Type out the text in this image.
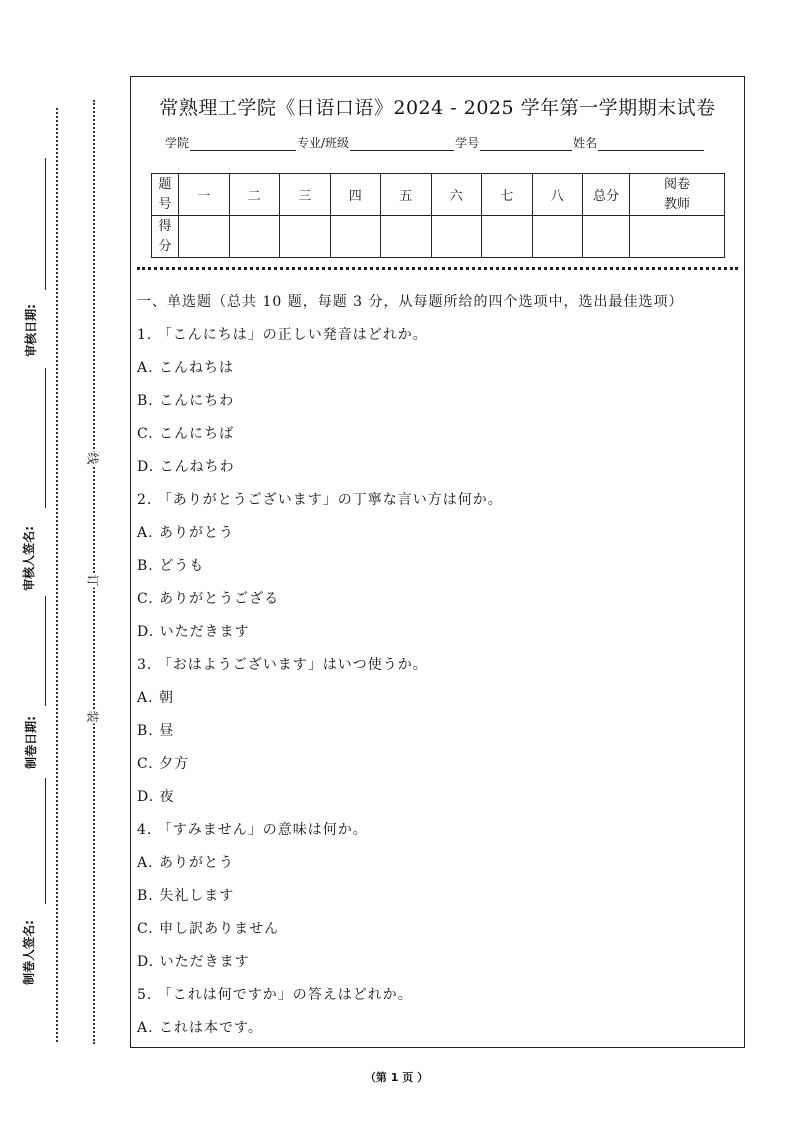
审核日期:
审核人签名:
制卷日期:
制卷人签名:
线
订
装
常熟理工学院《日语口语》2024 - 2025 学年第一学期期末试卷
学院	专业/班级	学号	姓名
题号	一	二	三	四	五	六	七	八	总分	阅卷教师
得分										
一、单选题（总共 10 题，每题 3 分，从每题所给的四个选项中，选出最佳选项）
1. 「こんにちは」の正しい発音はどれか。
A. こんねちは
B. こんにちわ
C. こんにちば
D. こんねちわ
2. 「ありがとうございます」の丁寧な言い方は何か。
A. ありがとう
B. どうも
C. ありがとうござる
D. いただきます
3. 「おはようございます」はいつ使うか。
A. 朝
B. 昼
C. 夕方
D. 夜
4. 「すみません」の意味は何か。
A. ありがとう
B. 失礼します
C. 申し訳ありません
D. いただきます
5. 「これは何ですか」の答えはどれか。
A. これは本です。
（第 1 页 ）
